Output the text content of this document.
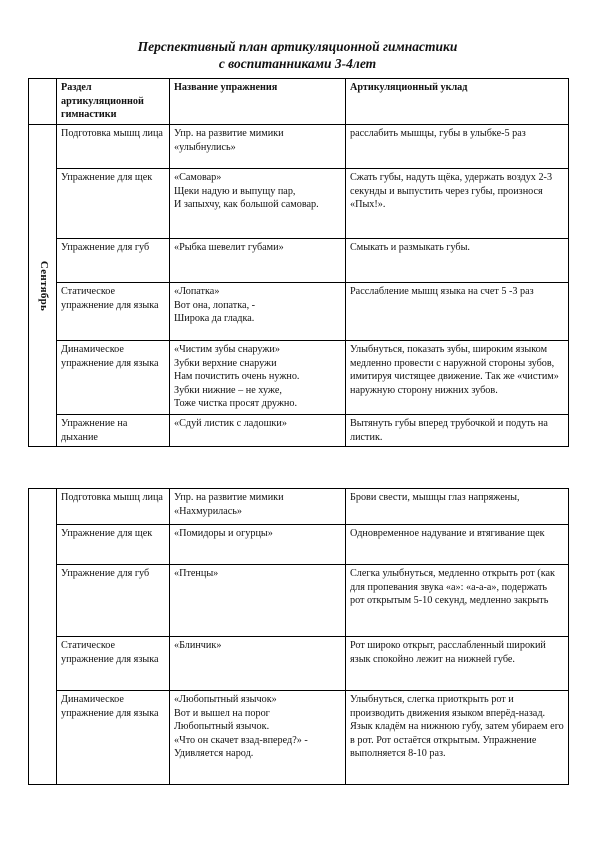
Перспективный план артикуляционной гимнастики
с воспитанниками 3-4лет
	Раздел артикуляционной гимнастики	Название упражнения	Артикуляционный уклад

Сентябрь	Подготовка мышц лица	Упр. на развитие мимики «улыбнулись»	расслабить мышцы, губы в улыбке-5 раз
	Упражнение для щек	«Самовар»
Щеки надую и выпущу пар,
И запыхчу, как большой самовар.	Сжать губы, надуть щёка, удержать воздух 2-3 секунды и выпустить через губы, произнося «Пых!».
	Упражнение для губ	«Рыбка шевелит губами»	Смыкать и размыкать губы.
	Статическое упражнение для языка	«Лопатка»
Вот она, лопатка, -
Широка да гладка.	Расслабление мышц языка на счет 5 -3 раз
	Динамическое упражнение для языка	«Чистим зубы снаружи»
Зубки верхние снаружи
Нам почистить очень нужно.
Зубки нижние – не хуже,
Тоже чистка просят дружно.	Улыбнуться, показать зубы, широким языком медленно провести с наружной стороны зубов, имитируя чистящее движение. Так же «чистим» наружную сторону нижних зубов.
	Упражнение на дыхание	«Сдуй листик с ладошки»	Вытянуть губы вперед трубочкой и подуть на листик.
	Подготовка мышц лица	Упр. на развитие мимики «Нахмурилась»	Брови свести, мышцы глаз напряжены,
	Упражнение для щек	«Помидоры и огурцы»	Одновременное надувание и втягивание щек
	Упражнение для губ	«Птенцы»	Слегка улыбнуться, медленно открыть рот (как для пропевания звука «а»: «а-а-а», подержать рот открытым 5-10 секунд, медленно закрыть
	Статическое упражнение для языка	«Блинчик»	Рот широко открыт, расслабленный широкий язык спокойно лежит на нижней губе.
	Динамическое упражнение для языка	«Любопытный язычок»
Вот и вышел на порог
Любопытный язычок.
«Что он скачет взад-вперед?» -
Удивляется народ.	Улыбнуться, слегка приоткрыть рот и производить движения языком вперёд-назад. Язык кладём на нижнюю губу, затем убираем его в рот. Рот остаётся открытым. Упражнение выполняется 8-10 раз.
